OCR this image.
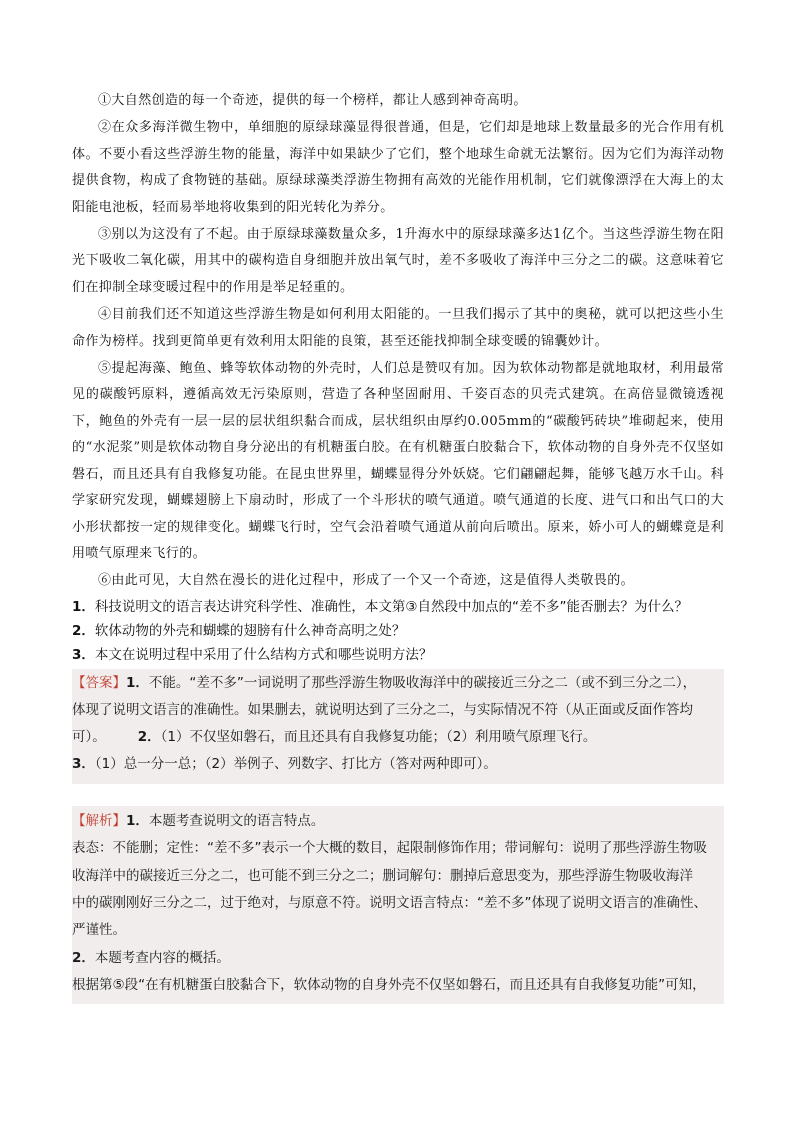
①大自然创造的每一个奇迹，提供的每一个榜样，都让人感到神奇高明。

②在众多海洋微生物中，单细胞的原绿球藻显得很普通，但是，它们却是地球上数量最多的光合作用有机体。不要小看这些浮游生物的能量，海洋中如果缺少了它们，整个地球生命就无法繁衍。因为它们为海洋动物提供食物，构成了食物链的基础。原绿球藻类浮游生物拥有高效的光能作用机制，它们就像漂浮在大海上的太阳能电池板，轻而易举地将收集到的阳光转化为养分。

③别以为这没有了不起。由于原绿球藻数量众多，1升海水中的原绿球藻多达1亿个。当这些浮游生物在阳光下吸收二氧化碳，用其中的碳构造自身细胞并放出氧气时，差不多吸收了海洋中三分之二的碳。这意味着它们在抑制全球变暖过程中的作用是举足轻重的。

④目前我们还不知道这些浮游生物是如何利用太阳能的。一旦我们揭示了其中的奥秘，就可以把这些小生命作为榜样。找到更简单更有效利用太阳能的良策，甚至还能找抑制全球变暖的锦囊妙计。

⑤提起海藻、鲍鱼、蜂等软体动物的外壳时，人们总是赞叹有加。因为软体动物都是就地取材，利用最常见的碳酸钙原料，遵循高效无污染原则，营造了各种坚固耐用、千姿百态的贝壳式建筑。在高倍显微镜透视下，鲍鱼的外壳有一层一层的层状组织黏合而成，层状组织由厚约0.005mm的“碳酸钙砖块”堆砌起来，使用的“水泥浆”则是软体动物自身分泌出的有机糖蛋白胶。在有机糖蛋白胶黏合下，软体动物的自身外壳不仅坚如磐石，而且还具有自我修复功能。在昆虫世界里，蝴蝶显得分外妖娆。它们翩翩起舞，能够飞越万水千山。科学家研究发现，蝴蝶翅膀上下扇动时，形成了一个斗形状的喷气通道。喷气通道的长度、进气口和出气口的大小形状都按一定的规律变化。蝴蝶飞行时，空气会沿着喷气通道从前向后喷出。原来，娇小可人的蝴蝶竟是利用喷气原理来飞行的。

⑥由此可见，大自然在漫长的进化过程中，形成了一个又一个奇迹，这是值得人类敬畏的。

1．科技说明文的语言表达讲究科学性、准确性，本文第③自然段中加点的“差不多”能否删去？为什么？

2．软体动物的外壳和蝴蝶的翅膀有什么神奇高明之处？

3．本文在说明过程中采用了什么结构方式和哪些说明方法？

【答案】1．不能。“差不多”一词说明了那些浮游生物吸收海洋中的碳接近三分之二（或不到三分之二），

体现了说明文语言的准确性。如果删去，就说明达到了三分之二，与实际情况不符（从正面或反面作答均

可）。 2．（1）不仅坚如磐石，而且还具有自我修复功能；（2）利用喷气原理飞行。

3．（1）总一分一总；（2）举例子、列数字、打比方（答对两种即可）。

【解析】1．本题考查说明文的语言特点。

表态：不能删；定性：“差不多”表示一个大概的数目，起限制修饰作用；带词解句：说明了那些浮游生物吸

收海洋中的碳接近三分之二，也可能不到三分之二；删词解句：删掉后意思变为，那些浮游生物吸收海洋

中的碳刚刚好三分之二，过于绝对，与原意不符。说明文语言特点：“差不多”体现了说明文语言的准确性、

严谨性。

2．本题考查内容的概括。

根据第⑤段“在有机糖蛋白胶黏合下，软体动物的自身外壳不仅坚如磐石，而且还具有自我修复功能”可知，
